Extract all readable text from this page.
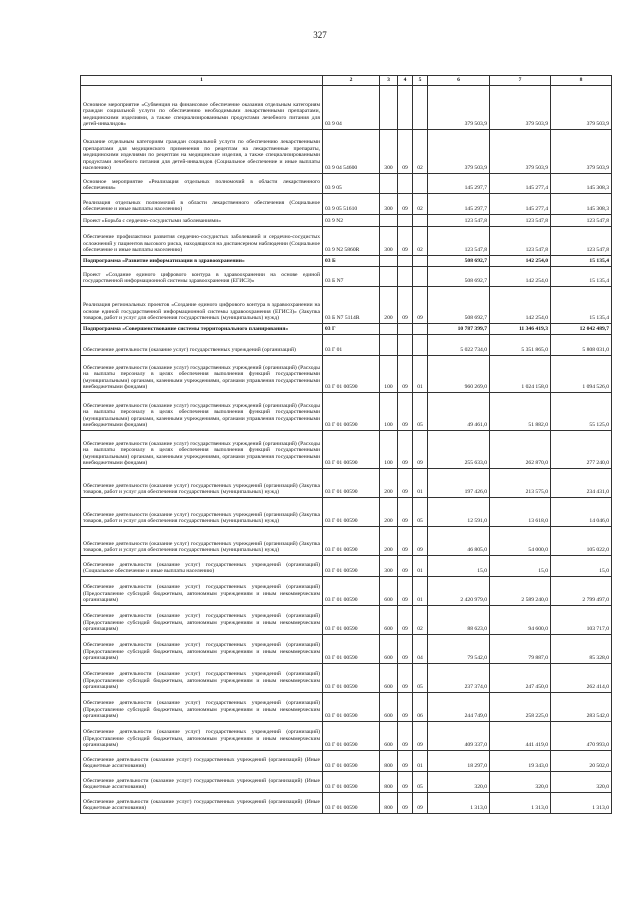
327
1	2	3	4	5	6	7	8
Основное мероприятие «Субвенция на финансовое обеспечение оказания отдельным категориям граждан социальной услуги по обеспечению необходимыми лекарственными препаратами, медицинскими изделиями, а также специализированными продуктами лечебного питания для детей-инвалидов»	03 9 04				379 503,9	379 503,9	379 503,9
Оказание отдельным категориям граждан социальной услуги по обеспечению лекарственными препаратами для медицинского применения по рецептам на лекарственные препараты, медицинскими изделиями по рецептам на медицинские изделия, а также специализированными продуктами лечебного питания для детей-инвалидов (Социальное обеспечение и иные выплаты населению)	03 9 04 54600	300	09	02	379 503,9	379 503,9	379 503,9
Основное мероприятие «Реализация отдельных полномочий в области лекарственного обеспечения»	03 9 05				145 297,7	145 277,4	145 308,3
Реализация отдельных полномочий в области лекарственного обеспечения (Социальное обеспечение и иные выплаты населению)	03 9 05 51610	300	09	02	145 297,7	145 277,4	145 308,3
Проект «Борьба с сердечно-сосудистыми заболеваниями»	03 9 N2				123 547,8	123 547,8	123 547,8
Обеспечение профилактики развития сердечно-сосудистых заболеваний и сердечно-сосудистых осложнений у пациентов высокого риска, находящихся на диспансерном наблюдении (Социальное обеспечение и иные выплаты населению)	03 9 N2 5860R	300	09	02	123 547,8	123 547,8	123 547,8
Подпрограмма «Развитие информатизации в здравоохранении»	03 Б				508 692,7	142 254,0	15 135,4
Проект «Создание единого цифрового контура в здравоохранении на основе единой государственной информационной системы здравоохранения (ЕГИСЗ)»	03 Б N7				508 692,7	142 254,0	15 135,4
Реализация региональных проектов «Создание единого цифрового контура в здравоохранении на основе единой государственной информационной системы здравоохранения (ЕГИСЗ)» (Закупка товаров, работ и услуг для обеспечения государственных (муниципальных) нужд)	03 Б N7 5114R	200	09	09	508 692,7	142 254,0	15 135,4
Подпрограмма «Совершенствование системы территориального планирования»	03 Г				10 787 399,7	11 346 419,3	12 042 489,7
Обеспечение деятельности (оказание услуг) государственных учреждений (организаций)	03 Г 01				5 022 734,0	5 351 865,0	5 808 031,0
Обеспечение деятельности (оказание услуг) государственных учреждений (организаций) (Расходы на выплаты персоналу в целях обеспечения выполнения функций государственными (муниципальными) органами, казенными учреждениями, органами управления государственными внебюджетными фондами)	03 Г 01 00590	100	09	01	960 269,0	1 024 158,0	1 094 526,0
Обеспечение деятельности (оказание услуг) государственных учреждений (организаций) (Расходы на выплаты персоналу в целях обеспечения выполнения функций государственными (муниципальными) органами, казенными учреждениями, органами управления государственными внебюджетными фондами)	03 Г 01 00590	100	09	05	49 461,0	51 882,0	55 125,0
Обеспечение деятельности (оказание услуг) государственных учреждений (организаций) (Расходы на выплаты персоналу в целях обеспечения выполнения функций государственными (муниципальными) органами, казенными учреждениями, органами управления государственными внебюджетными фондами)	03 Г 01 00590	100	09	09	255 633,0	262 870,0	277 240,0
Обеспечение деятельности (оказание услуг) государственных учреждений (организаций) (Закупка товаров, работ и услуг для обеспечения государственных (муниципальных) нужд)	03 Г 01 00590	200	09	01	197 426,0	213 575,0	234 431,0
Обеспечение деятельности (оказание услуг) государственных учреждений (организаций) (Закупка товаров, работ и услуг для обеспечения государственных (муниципальных) нужд)	03 Г 01 00590	200	09	05	12 591,0	13 618,0	14 046,0
Обеспечение деятельности (оказание услуг) государственных учреждений (организаций) (Закупка товаров, работ и услуг для обеспечения государственных (муниципальных) нужд)	03 Г 01 00590	200	09	09	46 805,0	54 000,0	105 022,0
Обеспечение деятельности (оказание услуг) государственных учреждений (организаций) (Социальное обеспечение и иные выплаты населению)	03 Г 01 00590	300	09	01	15,0	15,0	15,0
Обеспечение деятельности (оказание услуг) государственных учреждений (организаций) (Предоставление субсидий бюджетным, автономным учреждениям и иным некоммерческим организациям)	03 Г 01 00590	600	09	01	2 420 979,0	2 589 240,0	2 799 497,0
Обеспечение деятельности (оказание услуг) государственных учреждений (организаций) (Предоставление субсидий бюджетным, автономным учреждениям и иным некоммерческим организациям)	03 Г 01 00590	600	09	02	88 623,0	94 600,0	103 717,0
Обеспечение деятельности (оказание услуг) государственных учреждений (организаций) (Предоставление субсидий бюджетным, автономным учреждениям и иным некоммерческим организациям)	03 Г 01 00590	600	09	04	79 542,0	79 887,0	85 328,0
Обеспечение деятельности (оказание услуг) государственных учреждений (организаций) (Предоставление субсидий бюджетным, автономным учреждениям и иным некоммерческим организациям)	03 Г 01 00590	600	09	05	237 374,0	247 450,0	262 414,0
Обеспечение деятельности (оказание услуг) государственных учреждений (организаций) (Предоставление субсидий бюджетным, автономным учреждениям и иным некоммерческим организациям)	03 Г 01 00590	600	09	06	244 749,0	258 225,0	283 542,0
Обеспечение деятельности (оказание услуг) государственных учреждений (организаций) (Предоставление субсидий бюджетным, автономным учреждениям и иным некоммерческим организациям)	03 Г 01 00590	600	09	09	409 337,0	441 419,0	470 993,0
Обеспечение деятельности (оказание услуг) государственных учреждений (организаций) (Иные бюджетные ассигнования)	03 Г 01 00590	800	09	01	18 297,0	19 343,0	20 502,0
Обеспечение деятельности (оказание услуг) государственных учреждений (организаций) (Иные бюджетные ассигнования)	03 Г 01 00590	800	09	05	320,0	320,0	320,0
Обеспечение деятельности (оказание услуг) государственных учреждений (организаций) (Иные бюджетные ассигнования)	03 Г 01 00590	800	09	09	1 313,0	1 313,0	1 313,0
